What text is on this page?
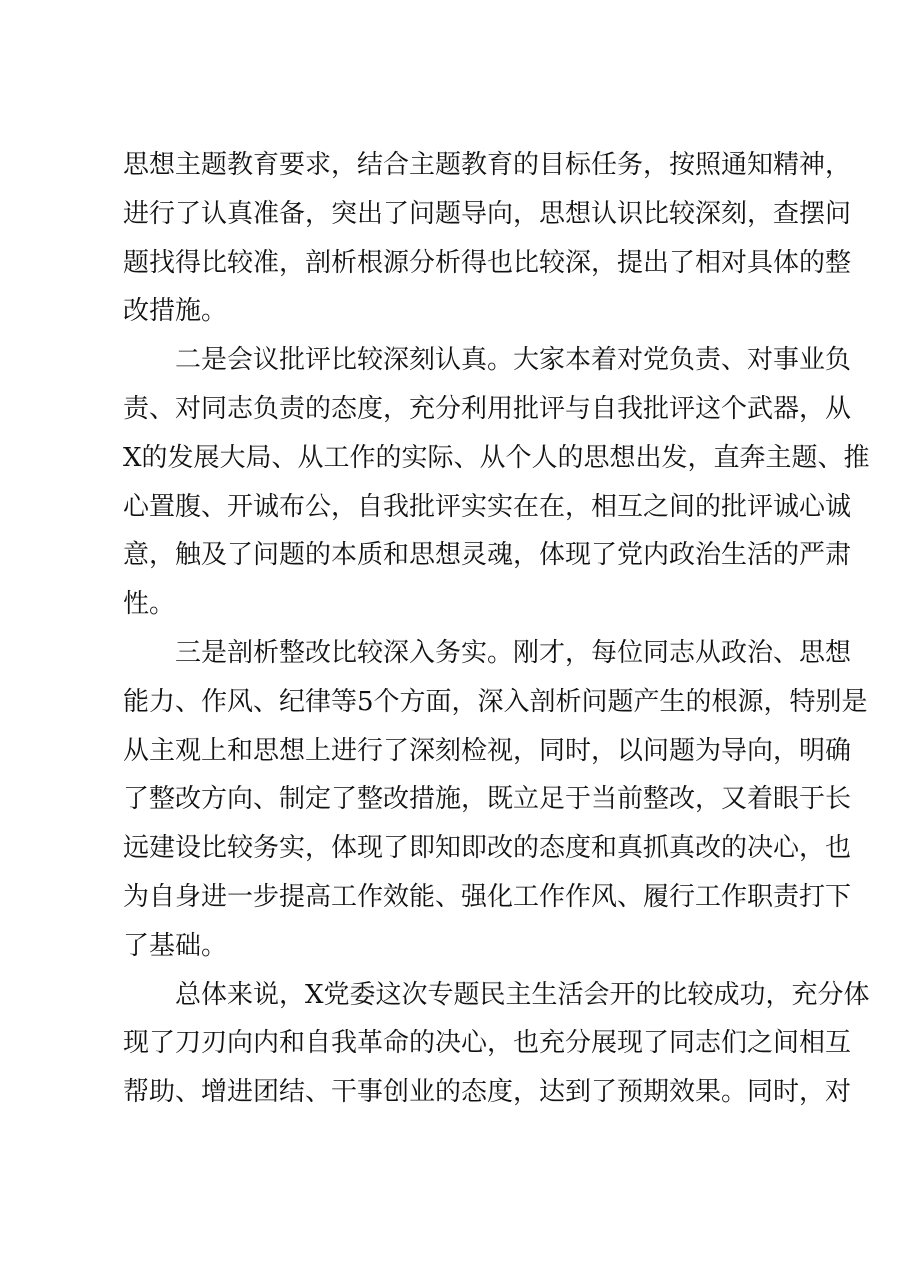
思想主题教育要求，结合主题教育的目标任务，按照通知精神，
进行了认真准备，突出了问题导向，思想认识比较深刻，查摆问
题找得比较准，剖析根源分析得也比较深，提出了相对具体的整
改措施。
二是会议批评比较深刻认真。大家本着对党负责、对事业负
责、对同志负责的态度，充分利用批评与自我批评这个武器，从
X的发展大局、从工作的实际、从个人的思想出发，直奔主题、推
心置腹、开诚布公，自我批评实实在在，相互之间的批评诚心诚
意，触及了问题的本质和思想灵魂，体现了党内政治生活的严肃
性。
三是剖析整改比较深入务实。刚才，每位同志从政治、思想
能力、作风、纪律等5个方面，深入剖析问题产生的根源，特别是
从主观上和思想上进行了深刻检视，同时，以问题为导向，明确
了整改方向、制定了整改措施，既立足于当前整改，又着眼于长
远建设比较务实，体现了即知即改的态度和真抓真改的决心，也
为自身进一步提高工作效能、强化工作作风、履行工作职责打下
了基础。
总体来说，X党委这次专题民主生活会开的比较成功，充分体
现了刀刃向内和自我革命的决心，也充分展现了同志们之间相互
帮助、增进团结、干事创业的态度，达到了预期效果。同时，对
